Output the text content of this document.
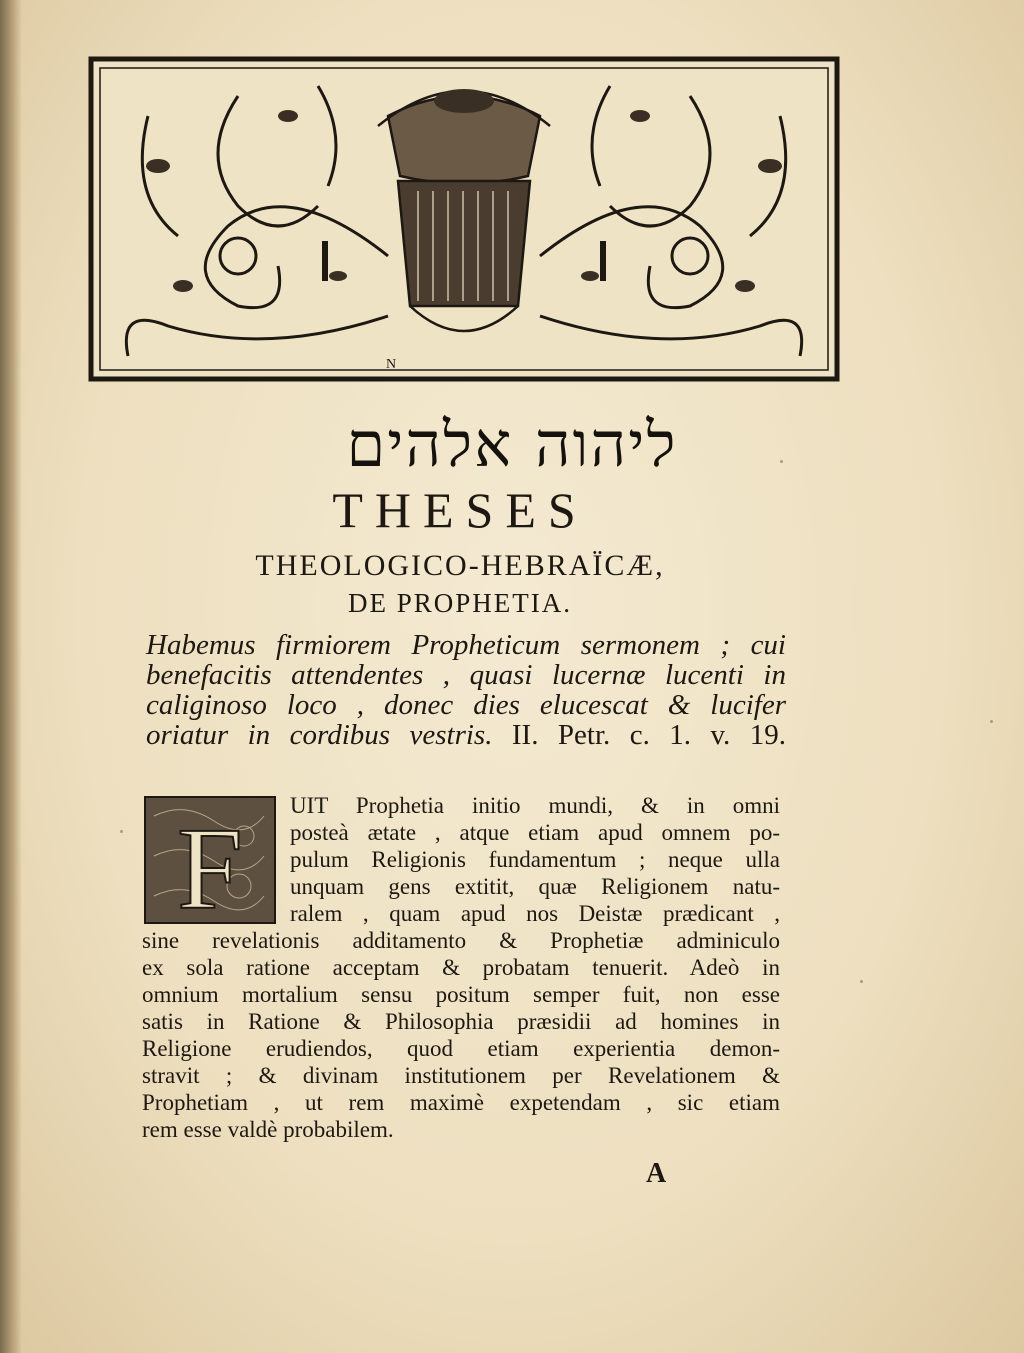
N
ליהוה אלהים
THESES
THEOLOGICO-HEBRAÏCÆ,
DE PROPHETIA.
Habemus firmiorem Propheticum sermonem ; cui
benefacitis attendentes , quasi lucernæ lucenti in
caliginoso loco , donec dies elucescat & lucifer
oriatur in cordibus vestris. II. Petr. c. 1. v. 19.
F	UIT Prophetia initio mundi, & in omni
posteà ætate , atque etiam apud omnem po-
pulum Religionis fundamentum ; neque ulla
unquam gens extitit, quæ Religionem natu-
ralem , quam apud nos Deistæ prædicant ,
sine revelationis additamento & Prophetiæ adminiculo
ex sola ratione acceptam & probatam tenuerit. Adeò in
omnium mortalium sensu positum semper fuit, non esse
satis in Ratione & Philosophia præsidii ad homines in
Religione erudiendos, quod etiam experientia demon-
stravit ; & divinam institutionem per Revelationem &
Prophetiam , ut rem maximè expetendam , sic etiam
rem esse valdè probabilem.
A
